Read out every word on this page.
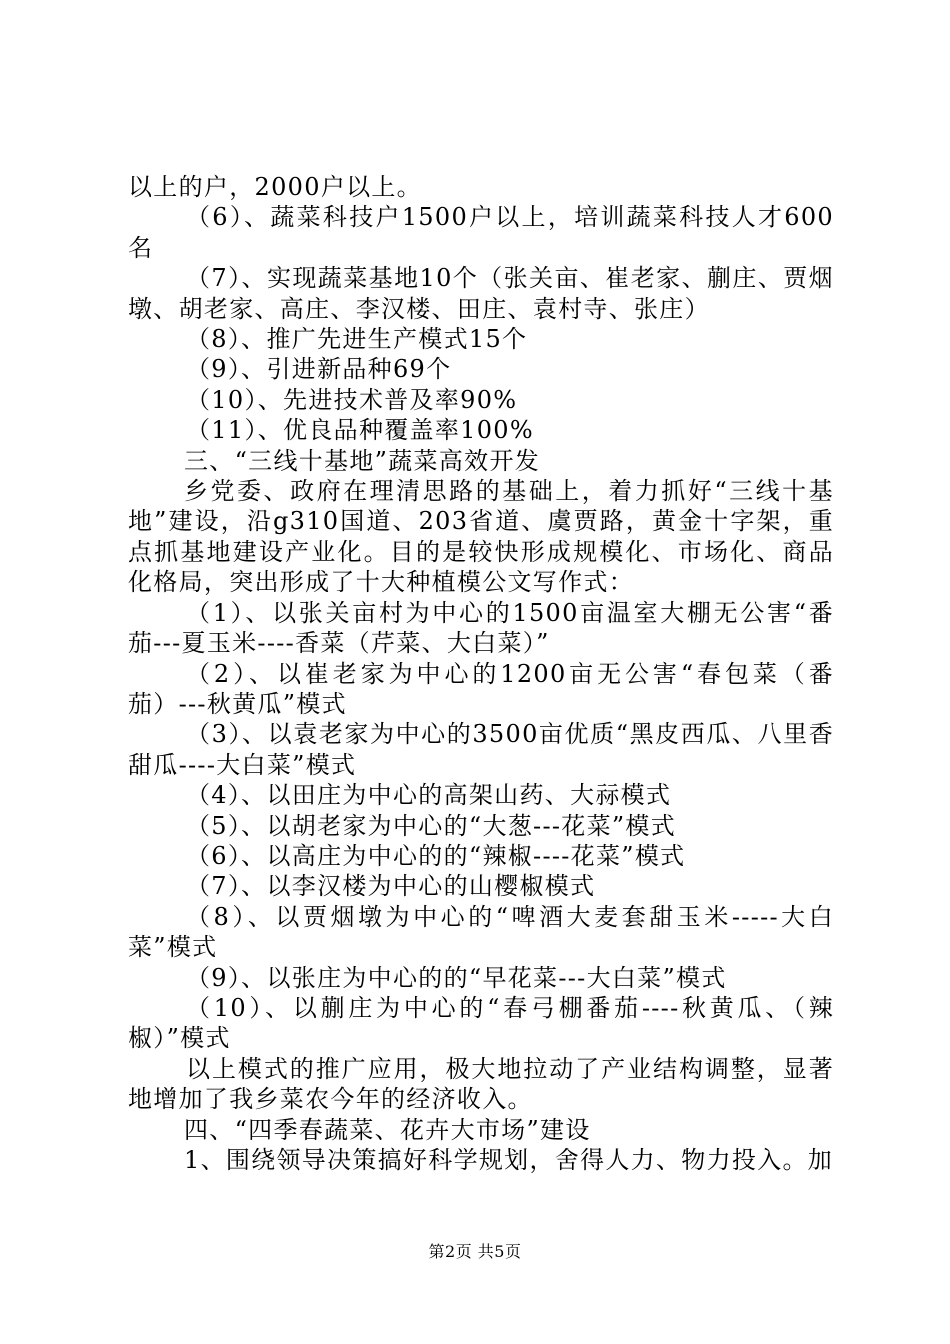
以上的户，2000户以上。

（6）、蔬菜科技户1500户以上，培训蔬菜科技人才600名

（7）、实现蔬菜基地10个（张关亩、崔老家、蒯庄、贾烟墩、胡老家、高庄、李汉楼、田庄、袁村寺、张庄）

（8）、推广先进生产模式15个

（9）、引进新品种69个

（10）、先进技术普及率90%

（11）、优良品种覆盖率100%

三、“三线十基地”蔬菜高效开发

乡党委、政府在理清思路的基础上，着力抓好“三线十基地”建设，沿g310国道、203省道、虞贾路，黄金十字架，重点抓基地建设产业化。目的是较快形成规模化、市场化、商品化格局，突出形成了十大种植模公文写作式：

（1）、以张关亩村为中心的1500亩温室大棚无公害“番茄---夏玉米----香菜（芹菜、大白菜）”

（2）、以崔老家为中心的1200亩无公害“春包菜（番茄）---秋黄瓜”模式

（3）、以袁老家为中心的3500亩优质“黑皮西瓜、八里香甜瓜----大白菜”模式

（4）、以田庄为中心的高架山药、大祘模式

（5）、以胡老家为中心的“大葱---花菜”模式

（6）、以高庄为中心的的“辣椒----花菜”模式

（7）、以李汉楼为中心的山樱椒模式

（8）、以贾烟墩为中心的“啤酒大麦套甜玉米-----大白菜”模式

（9）、以张庄为中心的的“早花菜---大白菜”模式

（10）、以蒯庄为中心的“春弓棚番茄----秋黄瓜、（辣椒）”模式

以上模式的推广应用，极大地拉动了产业结构调整，显著地增加了我乡菜农今年的经济收入。

四、“四季春蔬菜、花卉大市场”建设

1、围绕领导决策搞好科学规划，舍得人力、物力投入。加

第2页 共5页
